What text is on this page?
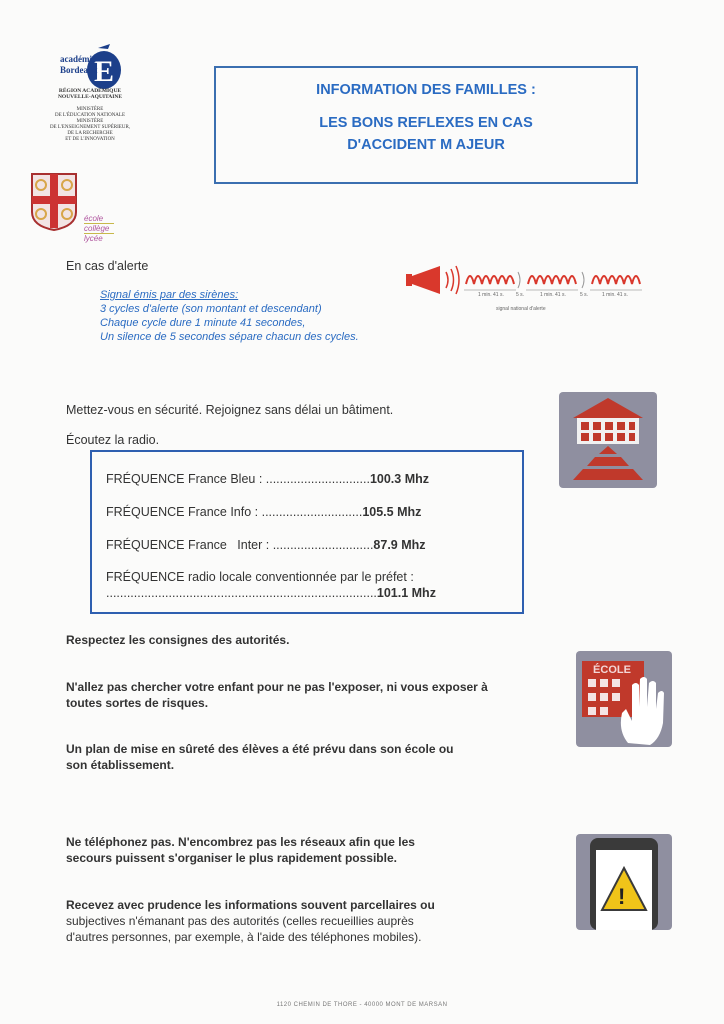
E
académie
Bordeaux
RÉGION ACADÉMIQUE
NOUVELLE-AQUITAINE
MINISTÈRE
DE L'ÉDUCATION NATIONALE
MINISTÈRE
DE L'ENSEIGNEMENT SUPÉRIEUR,
DE LA RECHERCHE
ET DE L'INNOVATION
école
collège
lycée
INFORMATION DES FAMILLES :
LES BONS REFLEXES EN CAS
D'ACCIDENT M AJEUR
En cas d'alerte
Signal émis par des sirènes:
3 cycles d'alerte (son montant et descendant)
Chaque cycle dure 1 minute 41 secondes,
Un silence de 5 secondes sépare chacun des cycles.
1 min. 41 s. 5 s.	1 min. 41 s.	5 s.	1 min. 41 s.
signal national d'alerte
Mettez-vous en sécurité. Rejoignez sans délai un bâtiment.
Écoutez la radio.
FRÉQUENCE France Bleu : ..............................100.3 Mhz
FRÉQUENCE France Info : .............................105.5 Mhz
FRÉQUENCE France   Inter : .............................87.9 Mhz
FRÉQUENCE radio locale conventionnée par le préfet :
..............................................................................101.1 Mhz
Respectez les consignes des autorités.
N'allez pas chercher votre enfant pour ne pas l'exposer, ni vous exposer à
toutes sortes de risques.
Un plan de mise en sûreté des élèves a été prévu dans son école ou
son établissement.
ÉCOLE
Ne téléphonez pas. N'encombrez pas les réseaux afin que les
secours puissent s'organiser le plus rapidement possible.
Recevez avec prudence les informations souvent parcellaires ou
subjectives n'émanant pas des autorités (celles recueillies auprès
d'autres personnes, par exemple, à l'aide des téléphones mobiles).
!
1120 CHEMIN DE THORE - 40000 MONT DE MARSAN
